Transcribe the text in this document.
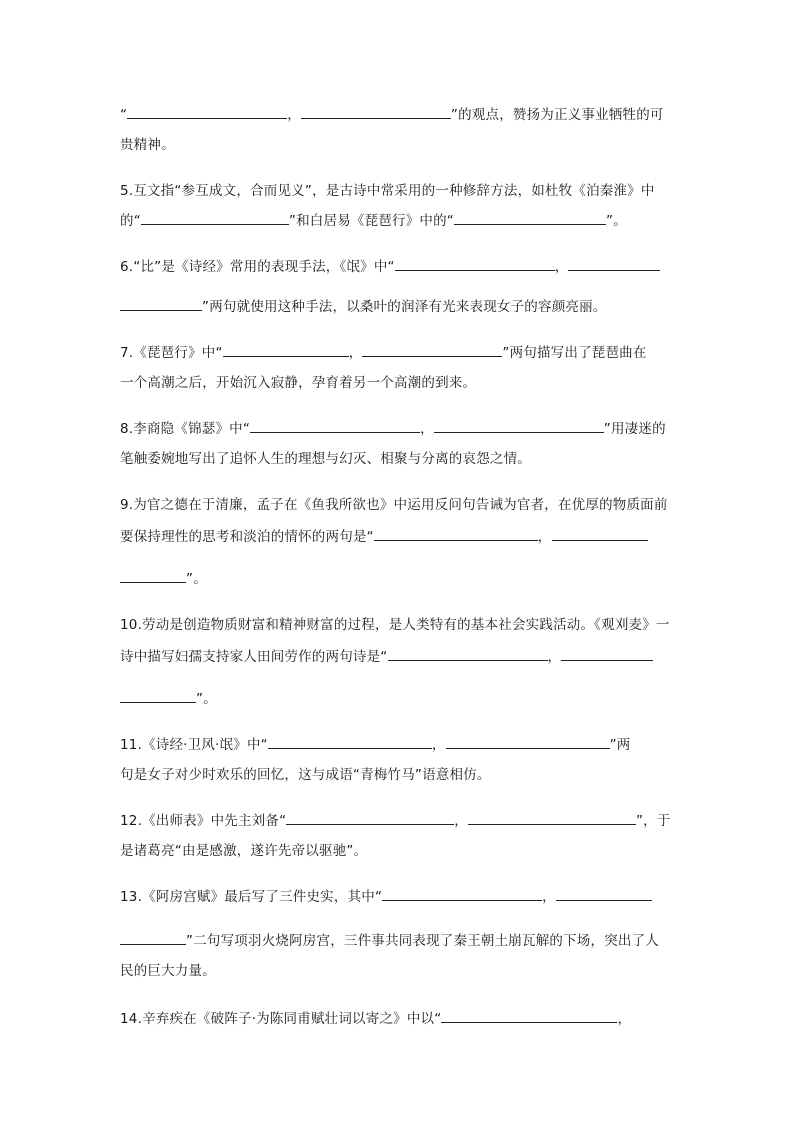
“	，	”的观点，赞扬为正义事业牺牲的可
贵精神。
5.互文指“参互成文，合而见义”，是古诗中常采用的一种修辞方法，如杜牧《泊秦淮》中
的“	”和白居易《琵琶行》中的“	”。
6.“比”是《诗经》常用的表现手法，《氓》中“	，
”两句就使用这种手法，以桑叶的润泽有光来表现女子的容颜亮丽。
7.《琵琶行》中“	，	”两句描写出了琵琶曲在
一个高潮之后，开始沉入寂静，孕育着另一个高潮的到来。
8.李商隐《锦瑟》中“	，	”用凄迷的
笔触委婉地写出了追怀人生的理想与幻灭、相聚与分离的哀怨之情。
9.为官之德在于清廉，孟子在《鱼我所欲也》中运用反问句告诫为官者，在优厚的物质面前
要保持理性的思考和淡泊的情怀的两句是“	，
”。
10.劳动是创造物质财富和精神财富的过程，是人类特有的基本社会实践活动。《观刈麦》一
诗中描写妇孺支持家人田间劳作的两句诗是“	，
”。
11.《诗经·卫风·氓》中“	，	”两
句是女子对少时欢乐的回忆，这与成语“青梅竹马”语意相仿。
12.《出师表》中先主刘备“	，	”，于
是诸葛亮“由是感激，遂许先帝以驱驰”。
13.《阿房宫赋》最后写了三件史实，其中“	，
”二句写项羽火烧阿房宫，三件事共同表现了秦王朝土崩瓦解的下场，突出了人
民的巨大力量。
14.辛弃疾在《破阵子·为陈同甫赋壮词以寄之》中以“	，
